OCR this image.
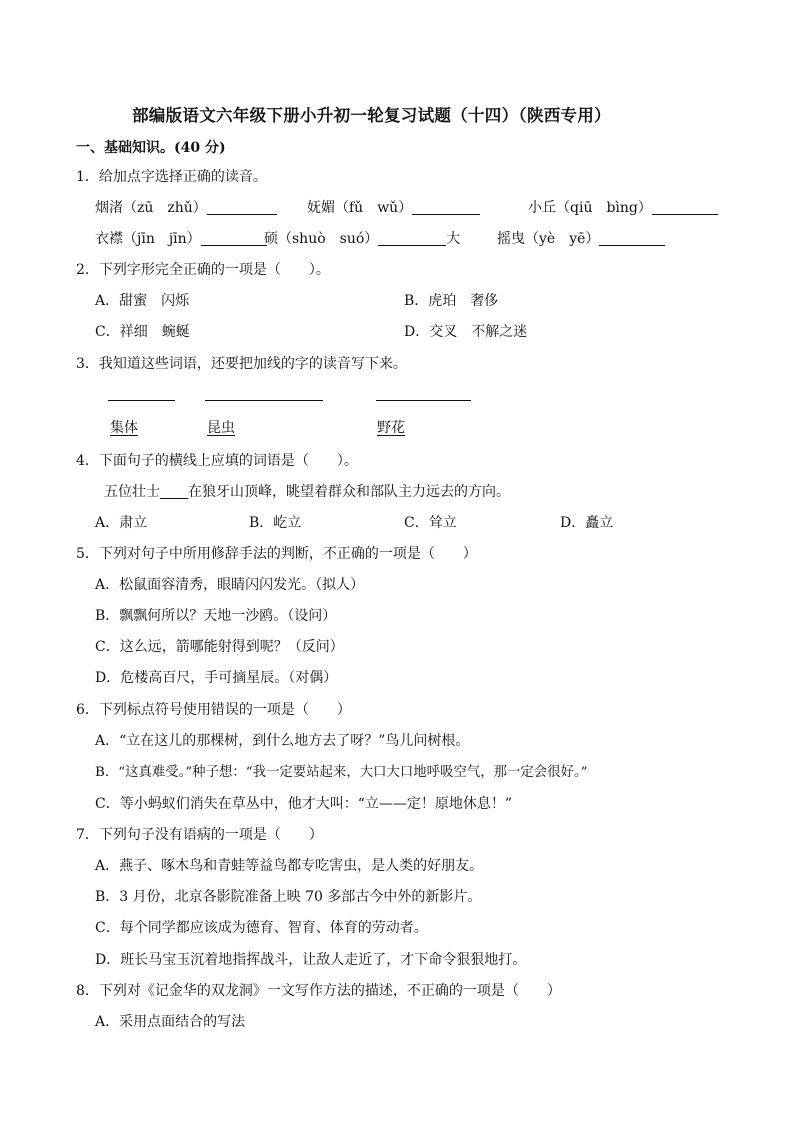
部编版语文六年级下册小升初一轮复习试题（十四）（陕西专用）
一、基础知识。(40 分)
1．给加点字选择正确的读音。
烟渚（zū　zhǔ）	妩媚（fǔ　wǔ）	小丘（qiū　bìng）
衣襟（jīn　jīn）	硕（shuò　suó）	大	摇曳（yè　yē）
2．下列字形完全正确的一项是（　　）。
A．甜蜜　闪烁	B．虎珀　奢侈
C．祥细　蜿蜒	D．交叉　不解之迷
3．我知道这些词语，还要把加线的字的读音写下来。
集体	昆虫	野花
4．下面句子的横线上应填的词语是（　　）。
五位壮士 在狼牙山顶峰，眺望着群众和部队主力远去的方向。
A．肃立	B．屹立	C．耸立	D．矗立
5．下列对句子中所用修辞手法的判断，不正确的一项是（　　）
A．松鼠面容清秀，眼睛闪闪发光。（拟人）
B．飘飘何所以？天地一沙鸥。（设问）
C．这么远，箭哪能射得到呢？（反问）
D．危楼高百尺，手可摘星辰。（对偶）
6．下列标点符号使用错误的一项是（　　）
A．“立在这儿的那棵树，到什么地方去了呀？”鸟儿问树根。
B．“这真难受。”种子想：“我一定要站起来，大口大口地呼吸空气，那一定会很好。”
C．等小蚂蚁们消失在草丛中，他才大叫：“立——定！原地休息！”
7．下列句子没有语病的一项是（　　）
A．燕子、啄木鸟和青蛙等益鸟都专吃害虫，是人类的好朋友。
B．3 月份，北京各影院准备上映 70 多部古今中外的新影片。
C．每个同学都应该成为德育、智育、体育的劳动者。
D．班长马宝玉沉着地指挥战斗，让敌人走近了，才下命令狠狠地打。
8．下列对《记金华的双龙洞》一文写作方法的描述，不正确的一项是（　　）
A．采用点面结合的写法
